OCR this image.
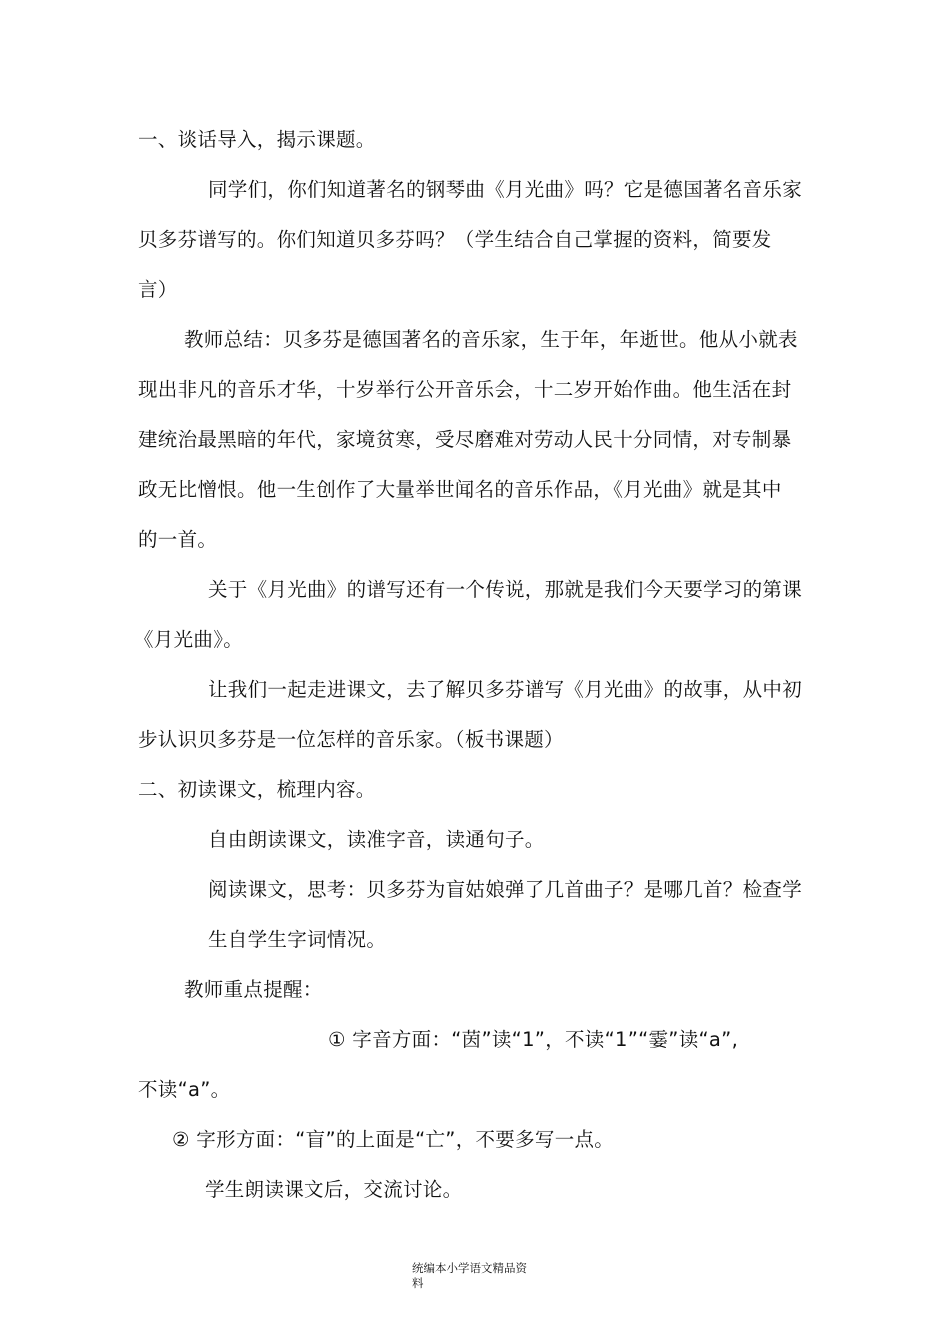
一、谈话导入，揭示课题。
同学们，你们知道著名的钢琴曲《月光曲》吗？它是德国著名音乐家
贝多芬谱写的。你们知道贝多芬吗？（学生结合自己掌握的资料，简要发
言）
教师总结：贝多芬是德国著名的音乐家，生于年，年逝世。他从小就表
现出非凡的音乐才华，十岁举行公开音乐会，十二岁开始作曲。他生活在封
建统治最黑暗的年代，家境贫寒，受尽磨难对劳动人民十分同情，对专制暴
政无比憎恨。他一生创作了大量举世闻名的音乐作品，《月光曲》就是其中
的一首。
关于《月光曲》的谱写还有一个传说，那就是我们今天要学习的第课
《月光曲》。
让我们一起走进课文，去了解贝多芬谱写《月光曲》的故事，从中初
步认识贝多芬是一位怎样的音乐家。（板书课题）
二、初读课文，梳理内容。
自由朗读课文，读准字音，读通句子。
阅读课文，思考：贝多芬为盲姑娘弹了几首曲子？是哪几首？检查学
生自学生字词情况。
教师重点提醒：
① 字音方面：“茵”读“1”，不读“1”“霎”读“a”,
不读“a”。
② 字形方面：“盲”的上面是“亡”，不要多写一点。
学生朗读课文后，交流讨论。
统编本小学语文精品资
料
